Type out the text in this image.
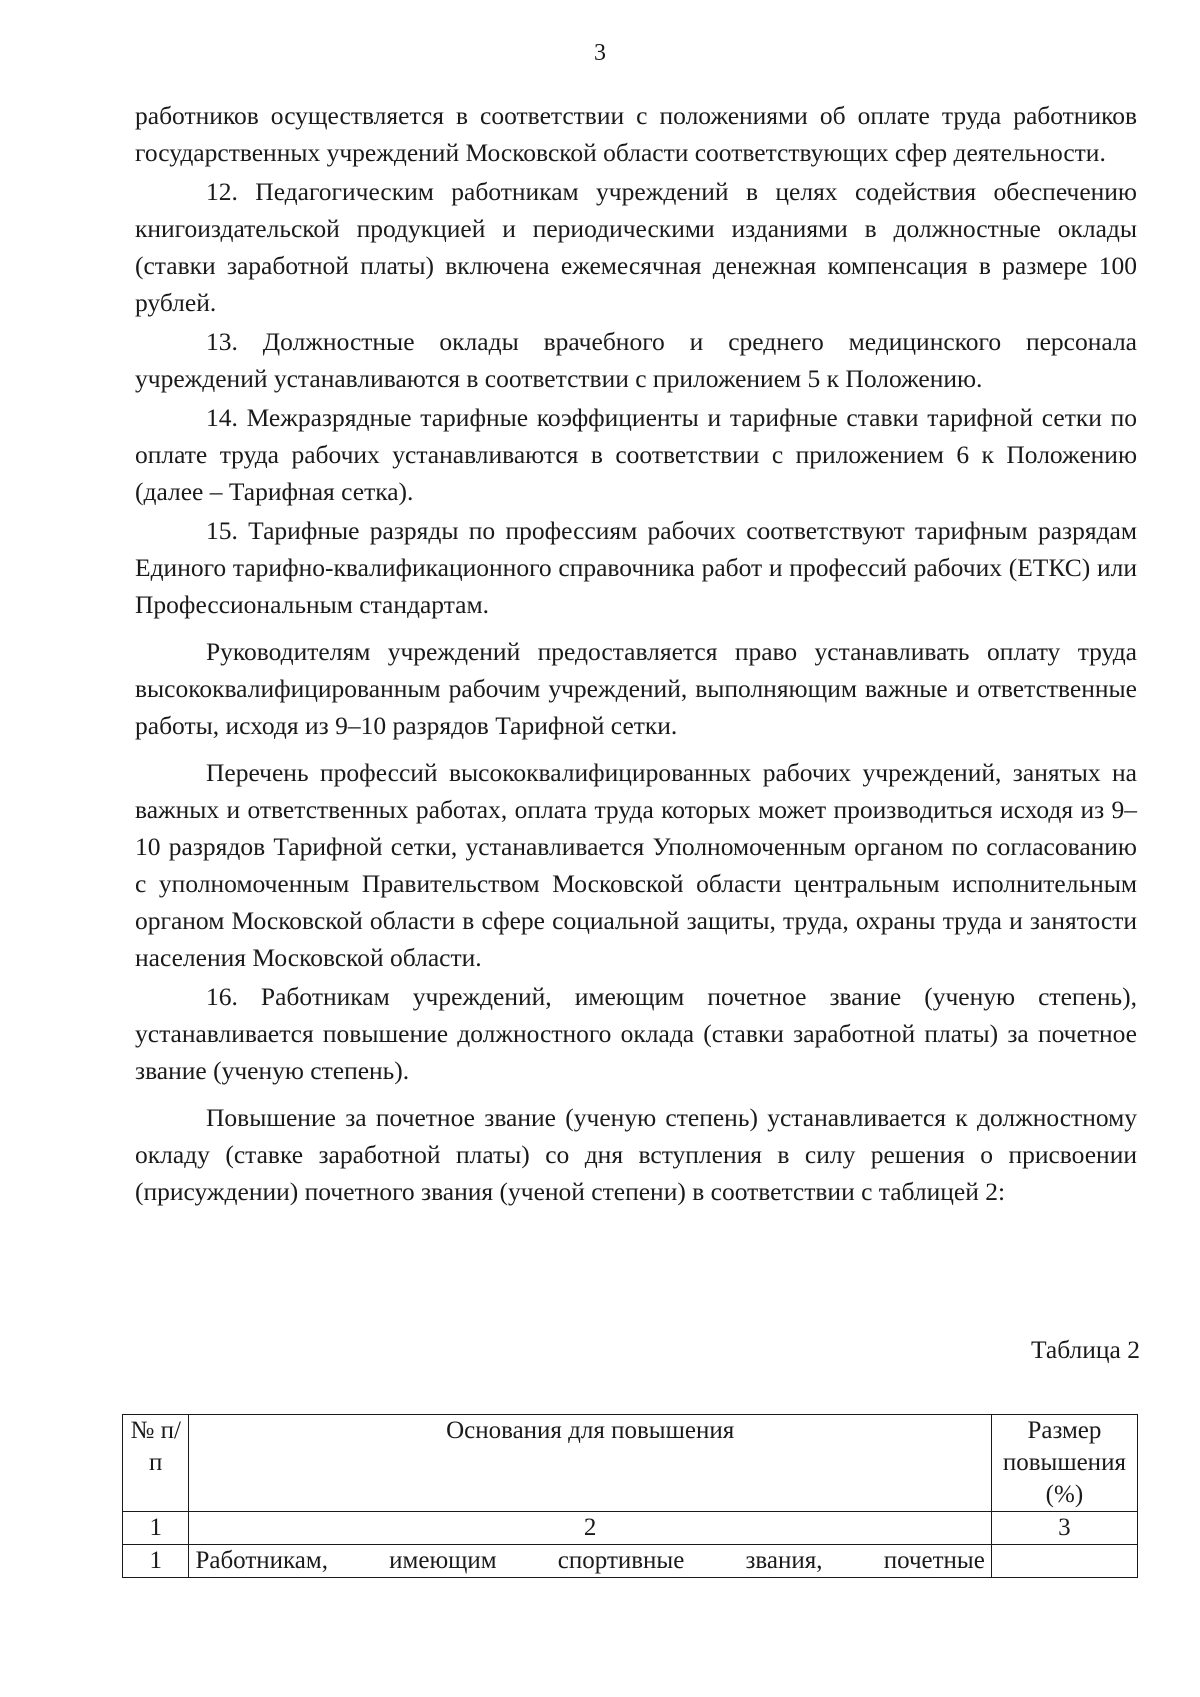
3

работников осуществляется в соответствии с положениями об оплате труда работников государственных учреждений Московской области соответствующих сфер деятельности.

12. Педагогическим работникам учреждений в целях содействия обеспечению книгоиздательской продукцией и периодическими изданиями в должностные оклады (ставки заработной платы) включена ежемесячная денежная компенсация в размере 100 рублей.

13. Должностные оклады врачебного и среднего медицинского персонала учреждений устанавливаются в соответствии с приложением 5 к Положению.

14. Межразрядные тарифные коэффициенты и тарифные ставки тарифной сетки по оплате труда рабочих устанавливаются в соответствии с приложением 6 к Положению (далее – Тарифная сетка).

15. Тарифные разряды по профессиям рабочих соответствуют тарифным разрядам Единого тарифно-квалификационного справочника работ и профессий рабочих (ЕТКС) или Профессиональным стандартам.

Руководителям учреждений предоставляется право устанавливать оплату труда высококвалифицированным рабочим учреждений, выполняющим важные и ответственные работы, исходя из 9–10 разрядов Тарифной сетки.

Перечень профессий высококвалифицированных рабочих учреждений, занятых на важных и ответственных работах, оплата труда которых может производиться исходя из 9–10 разрядов Тарифной сетки, устанавливается Уполномоченным органом по согласованию с уполномоченным Правительством Московской области центральным исполнительным органом Московской области в сфере социальной защиты, труда, охраны труда и занятости населения Московской области.

16. Работникам учреждений, имеющим почетное звание (ученую степень), устанавливается повышение должностного оклада (ставки заработной платы) за почетное звание (ученую степень).

Повышение за почетное звание (ученую степень) устанавливается к должностному окладу (ставке заработной платы) со дня вступления в силу решения о присвоении (присуждении) почетного звания (ученой степени) в соответствии с таблицей 2:

Таблица 2
№ п/п	Основания для повышения	Размер повышения (%)
1	2	3
1	Работникам, имеющим спортивные звания, почетные	
